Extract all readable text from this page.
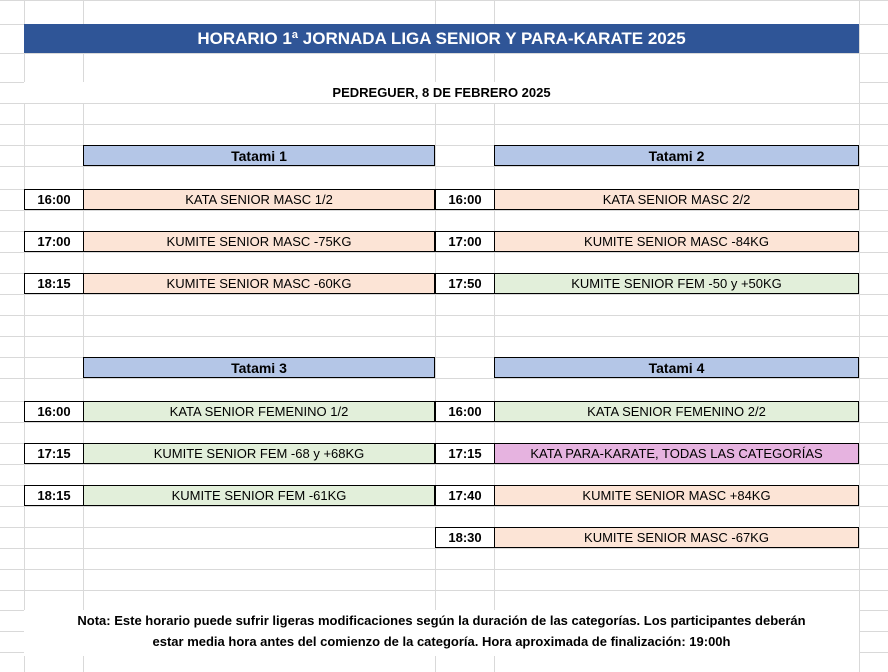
HORARIO 1ª JORNADA LIGA SENIOR Y PARA-KARATE 2025
PEDREGUER, 8 DE FEBRERO 2025
Tatami 1
16:00	KATA SENIOR MASC 1/2
17:00	KUMITE SENIOR MASC -75KG
18:15	KUMITE SENIOR MASC -60KG
Tatami 2
16:00	KATA SENIOR MASC 2/2
17:00	KUMITE SENIOR MASC -84KG
17:50	KUMITE SENIOR FEM -50 y +50KG
Tatami 3
16:00	KATA SENIOR FEMENINO 1/2
17:15	KUMITE SENIOR FEM -68 y +68KG
18:15	KUMITE SENIOR FEM -61KG
Tatami 4
16:00	KATA SENIOR FEMENINO 2/2
17:15	KATA PARA-KARATE, TODAS LAS CATEGORÍAS
17:40	KUMITE SENIOR MASC +84KG
18:30	KUMITE SENIOR MASC -67KG
Nota: Este horario puede sufrir ligeras modificaciones según la duración de las categorías. Los participantes deberán
estar media hora antes del comienzo de la categoría. Hora aproximada de finalización: 19:00h
